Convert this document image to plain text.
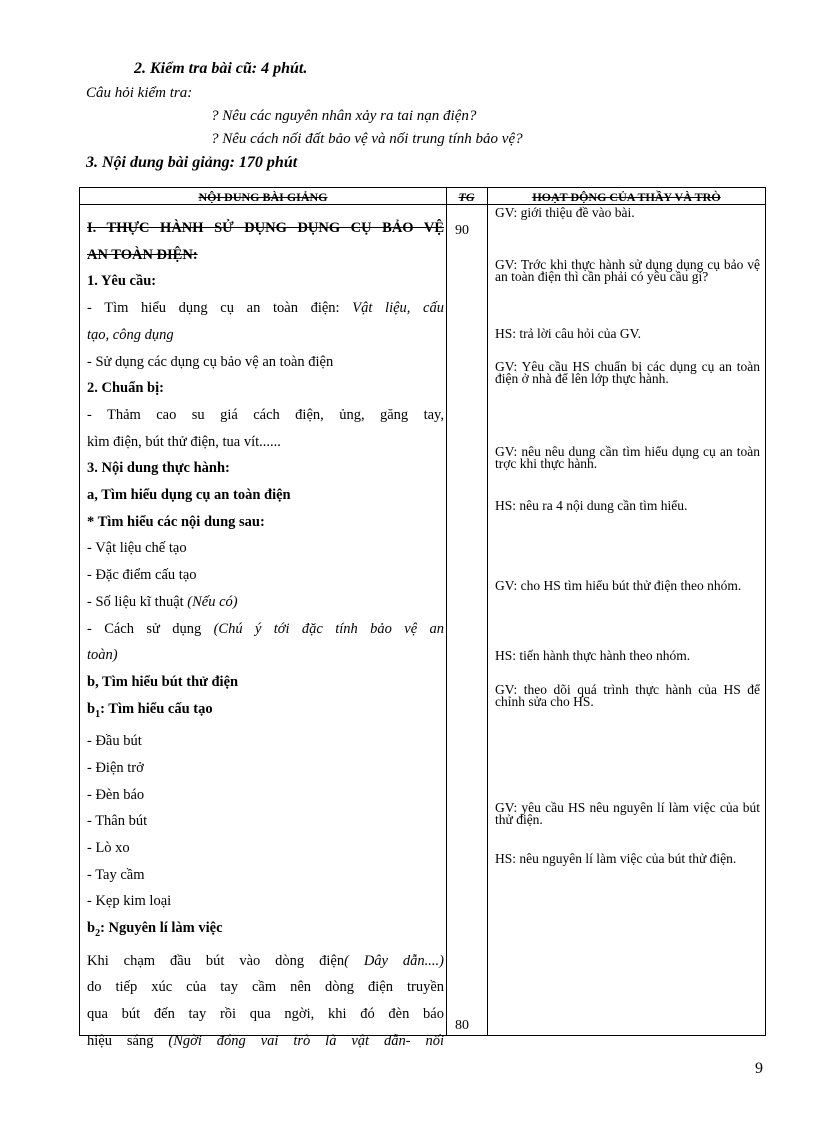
2. Kiểm tra bài cũ: 4 phút.
Câu hỏi kiểm tra:
? Nêu các nguyên nhân xảy ra tai nạn điện?
? Nêu cách nối đất bảo vệ và nối trung tính bảo vệ?
3. Nội dung bài giảng: 170 phút
NỘI DUNG BÀI GIẢNG	TG	HOẠT ĐỘNG CỦA THẦY VÀ TRÒ
I. THỰC HÀNH SỬ DỤNG DỤNG CỤ BẢO VỆ
AN TOÀN ĐIỆN:
1. Yêu cầu:
- Tìm hiểu dụng cụ an toàn điện: Vật liệu, cấu
tạo, công dụng
- Sử dụng các dụng cụ bảo vệ an toàn điện
2. Chuẩn bị:
- Thảm cao su giá cách điện, ủng, găng tay,
kìm điện, bút thử điện, tua vít......
3. Nội dung thực hành:
a, Tìm hiểu dụng cụ an toàn điện
* Tìm hiểu các nội dung sau:
- Vật liệu chế tạo
- Đặc điểm cấu tạo
- Số liệu kĩ thuật (Nếu có)
- Cách sử dụng (Chú ý tới đặc tính bảo vệ an
toàn)
b, Tìm hiểu bút thử điện
$b_1$: Tìm hiểu cấu tạo
- Đầu bút
- Điện trở
- Đèn báo
- Thân bút
- Lò xo
- Tay cầm
- Kẹp kim loại
$b_2$: Nguyên lí làm việc
Khi chạm đầu bút vào dòng điện( Dây dẫn....)
do tiếp xúc của tay cầm nên dòng điện truyền
qua bút đến tay rồi qua ngời, khi đó đèn báo
hiệu sáng (Ngời đóng vai trò là vật dẫn- nối
90
80

GV: giới thiệu đề vào bài.

GV: Trớc khi thực hành sử dụng dụng cụ bảo vệ an toàn điện thì cần phải có yêu cầu gì?

HS: trả lời câu hỏi của GV.

GV: Yêu cầu HS chuẩn bị các dụng cụ an toàn điện ở nhà để lên lớp thực hành.

GV: nêu nêu dung cần tìm hiểu dụng cụ an toàn trợc khi thực hành.

HS: nêu ra 4 nội dung cần tìm hiểu.

GV: cho HS tìm hiểu bút thử điện theo nhóm.

HS: tiến hành thực hành theo nhóm.

GV: theo dõi quá trình thực hành của HS để chỉnh sửa cho HS.

GV: yêu cầu HS nêu nguyên lí làm việc của bút thử điện.

HS: nêu nguyên lí làm việc của bút thử điện.

9
